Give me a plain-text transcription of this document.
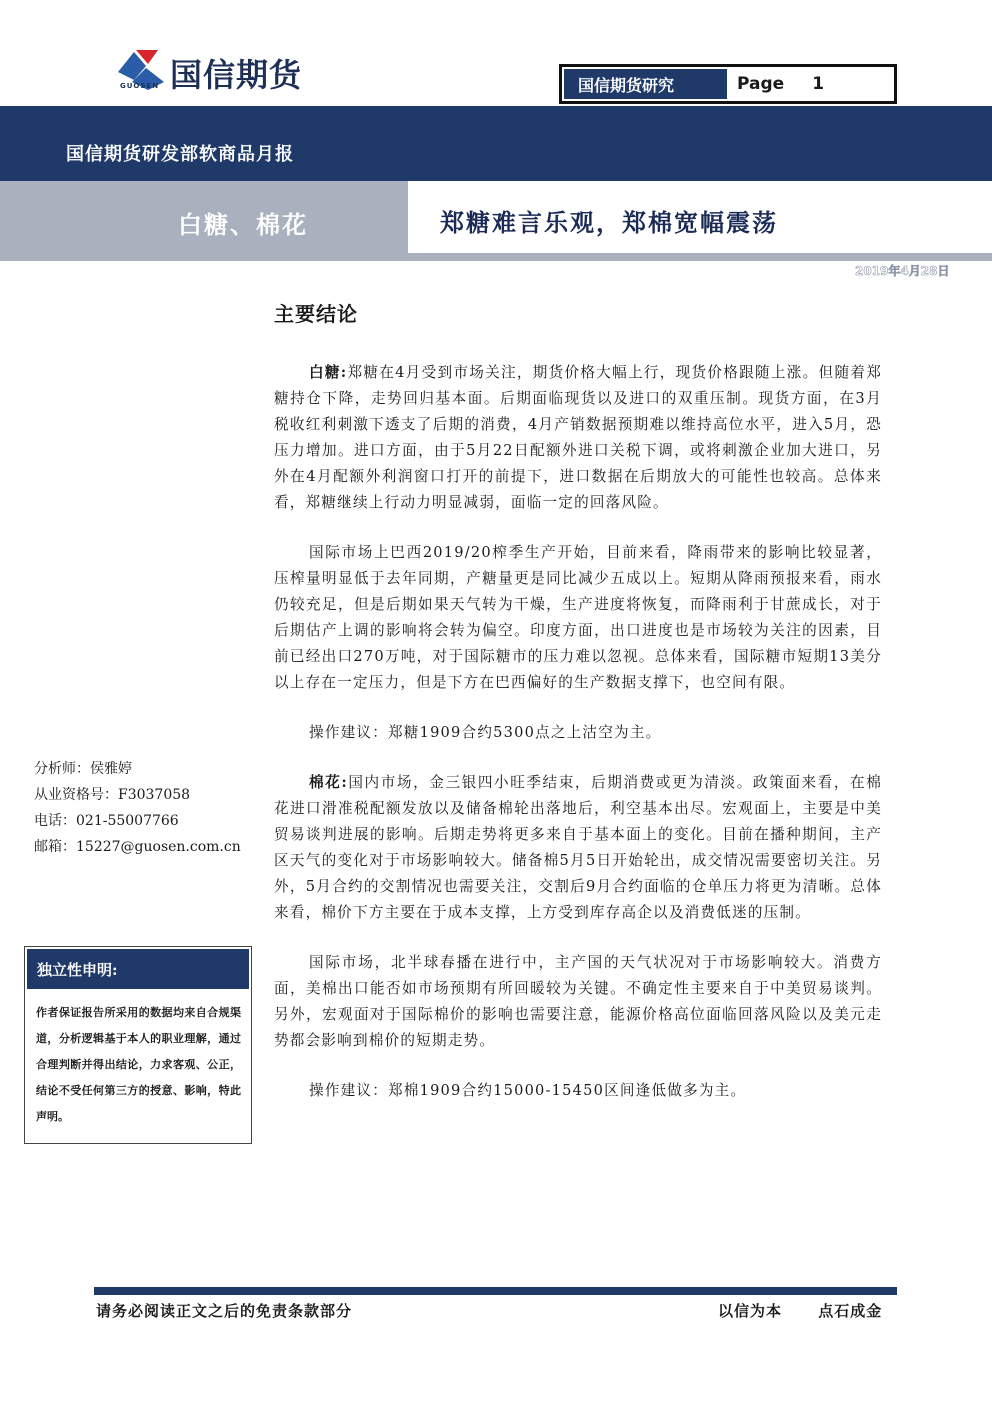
国信期货
GUOSEN	国信期货研究	Page 1
国信期货研发部软商品月报
白糖、棉花	郑糖难言乐观，郑棉宽幅震荡
2019年4月28日
主要结论

白糖:郑糖在4月受到市场关注，期货价格大幅上行，现货价格跟随上涨。但随着郑糖持仓下降，走势回归基本面。后期面临现货以及进口的双重压制。现货方面，在3月税收红利刺激下透支了后期的消费，4月产销数据预期难以维持高位水平，进入5月，恐压力增加。进口方面，由于5月22日配额外进口关税下调，或将刺激企业加大进口，另外在4月配额外利润窗口打开的前提下，进口数据在后期放大的可能性也较高。总体来看，郑糖继续上行动力明显减弱，面临一定的回落风险。

国际市场上巴西2019/20榨季生产开始，目前来看，降雨带来的影响比较显著，压榨量明显低于去年同期，产糖量更是同比减少五成以上。短期从降雨预报来看，雨水仍较充足，但是后期如果天气转为干燥，生产进度将恢复，而降雨利于甘蔗成长，对于后期估产上调的影响将会转为偏空。印度方面，出口进度也是市场较为关注的因素，目前已经出口270万吨，对于国际糖市的压力难以忽视。总体来看，国际糖市短期13美分以上存在一定压力，但是下方在巴西偏好的生产数据支撑下，也空间有限。

操作建议：郑糖1909合约5300点之上沽空为主。

棉花:国内市场，金三银四小旺季结束，后期消费或更为清淡。政策面来看，在棉花进口滑准税配额发放以及储备棉轮出落地后，利空基本出尽。宏观面上，主要是中美贸易谈判进展的影响。后期走势将更多来自于基本面上的变化。目前在播种期间，主产区天气的变化对于市场影响较大。储备棉5月5日开始轮出，成交情况需要密切关注。另外，5月合约的交割情况也需要关注，交割后9月合约面临的仓单压力将更为清晰。总体来看，棉价下方主要在于成本支撑，上方受到库存高企以及消费低迷的压制。

国际市场，北半球春播在进行中，主产国的天气状况对于市场影响较大。消费方面，美棉出口能否如市场预期有所回暖较为关键。不确定性主要来自于中美贸易谈判。另外，宏观面对于国际棉价的影响也需要注意，能源价格高位面临回落风险以及美元走势都会影响到棉价的短期走势。

操作建议：郑棉1909合约15000-15450区间逢低做多为主。

分析师：侯雅婷
从业资格号：F3037058
电话：021-55007766
邮箱：15227@guosen.com.cn
独立性申明:
作者保证报告所采用的数据均来自合规渠道，分析逻辑基于本人的职业理解，通过合理判断并得出结论，力求客观、公正，结论不受任何第三方的授意、影响，特此声明。
请务必阅读正文之后的免责条款部分	以信为本 点石成金
